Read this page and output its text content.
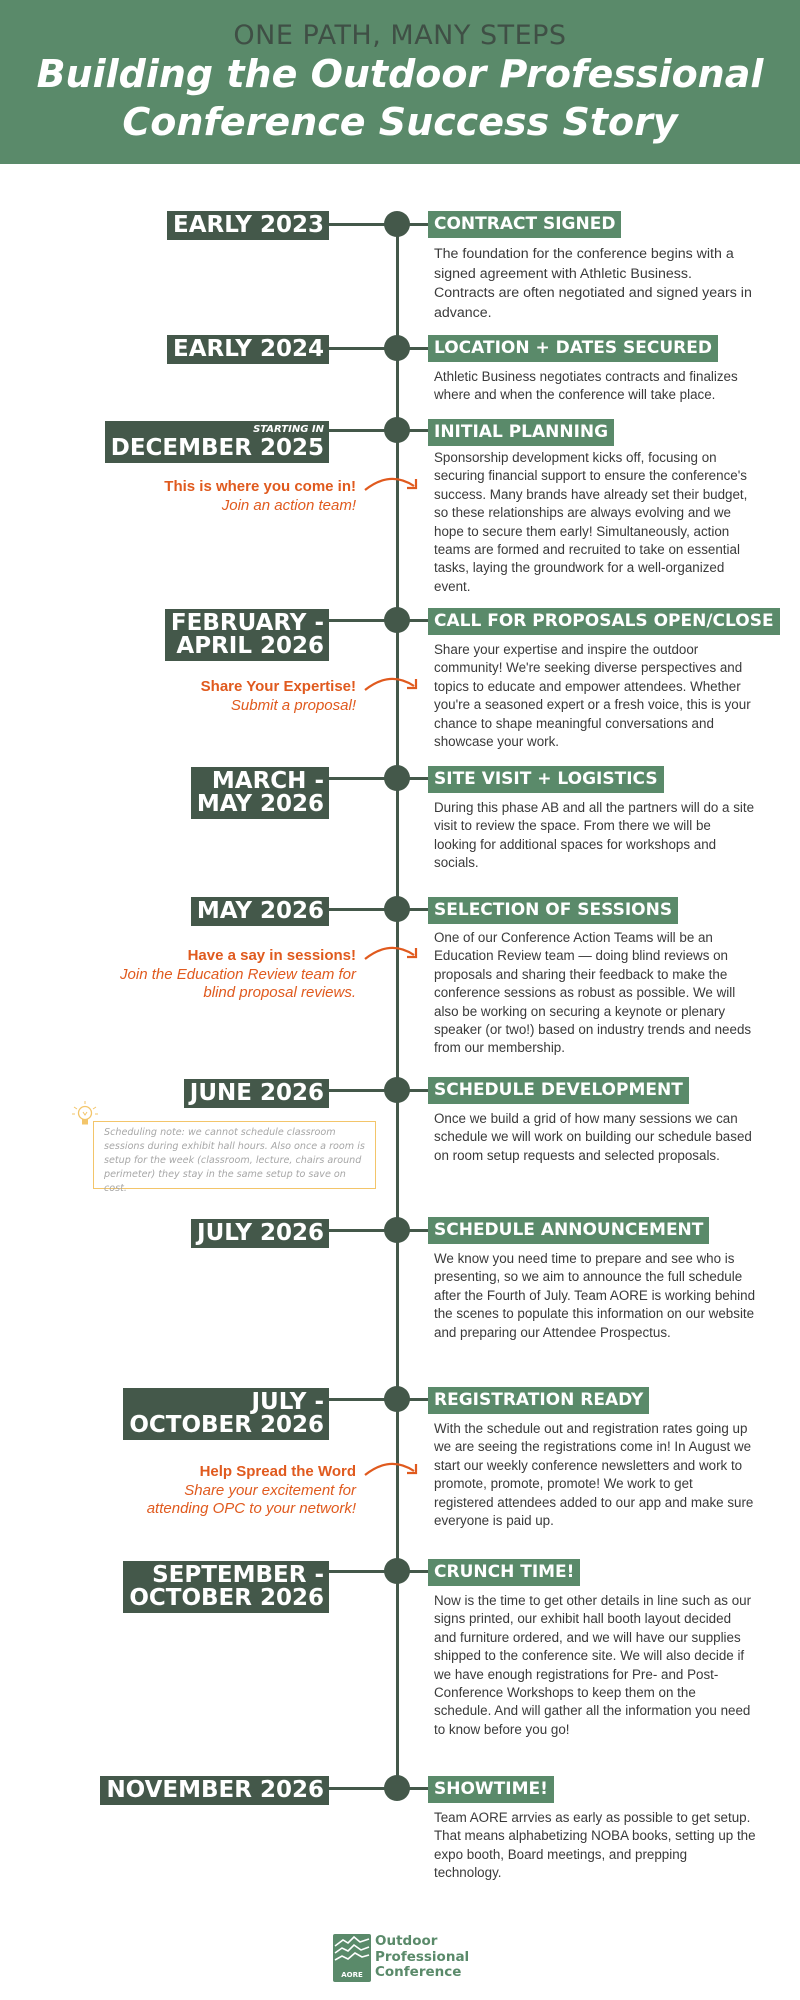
ONE PATH, MANY STEPS
Building the Outdoor Professional
Conference Success Story
EARLY 2023	CONTRACT SIGNED
The foundation for the conference begins with a signed agreement with Athletic Business. Contracts are often negotiated and signed years in advance.
EARLY 2024	LOCATION + DATES SECURED
Athletic Business negotiates contracts and finalizes where and when the conference will take place.
STARTING IN
DECEMBER 2025
INITIAL PLANNING
Sponsorship development kicks off, focusing on securing financial support to ensure the conference's success. Many brands have already set their budget, so these relationships are always evolving and we hope to secure them early! Simultaneously, action teams are formed and recruited to take on essential tasks, laying the groundwork for a well-organized event.
This is where you come in!
Join an action team!
FEBRUARY -
APRIL 2026
CALL FOR PROPOSALS OPEN/CLOSE
Share your expertise and inspire the outdoor community! We're seeking diverse perspectives and topics to educate and empower attendees. Whether you're a seasoned expert or a fresh voice, this is your chance to shape meaningful conversations and showcase your work.
Share Your Expertise!
Submit a proposal!
MARCH -
MAY 2026
SITE VISIT + LOGISTICS
During this phase AB and all the partners will do a site visit to review the space. From there we will be looking for additional spaces for workshops and socials.
MAY 2026	SELECTION OF SESSIONS
One of our Conference Action Teams will be an Education Review team — doing blind reviews on proposals and sharing their feedback to make the conference sessions as robust as possible. We will also be working on securing a keynote or plenary speaker (or two!) based on industry trends and needs from our membership.
Have a say in sessions!
Join the Education Review team for
blind proposal reviews.
JUNE 2026	SCHEDULE DEVELOPMENT
Once we build a grid of how many sessions we can schedule we will work on building our schedule based on room setup requests and selected proposals.
Scheduling note: we cannot schedule classroom sessions during exhibit hall hours. Also once a room is setup for the week (classroom, lecture, chairs around perimeter) they stay in the same setup to save on cost.
JULY 2026	SCHEDULE ANNOUNCEMENT
We know you need time to prepare and see who is presenting, so we aim to announce the full schedule after the Fourth of July. Team AORE is working behind the scenes to populate this information on our website and preparing our Attendee Prospectus.
JULY -
OCTOBER 2026
REGISTRATION READY
With the schedule out and registration rates going up we are seeing the registrations come in! In August we start our weekly conference newsletters and work to promote, promote, promote! We work to get registered attendees added to our app and make sure everyone is paid up.
Help Spread the Word
Share your excitement for
attending OPC to your network!
SEPTEMBER -
OCTOBER 2026
CRUNCH TIME!
Now is the time to get other details in line such as our signs printed, our exhibit hall booth layout decided and furniture ordered, and we will have our supplies shipped to the conference site. We will also decide if we have enough registrations for Pre- and Post-Conference Workshops to keep them on the schedule. And will gather all the information you need to know before you go!
NOVEMBER 2026	SHOWTIME!
Team AORE arrvies as early as possible to get setup. That means alphabetizing NOBA books, setting up the expo booth, Board meetings, and prepping technology.
AORE
Outdoor
Professional
Conference
